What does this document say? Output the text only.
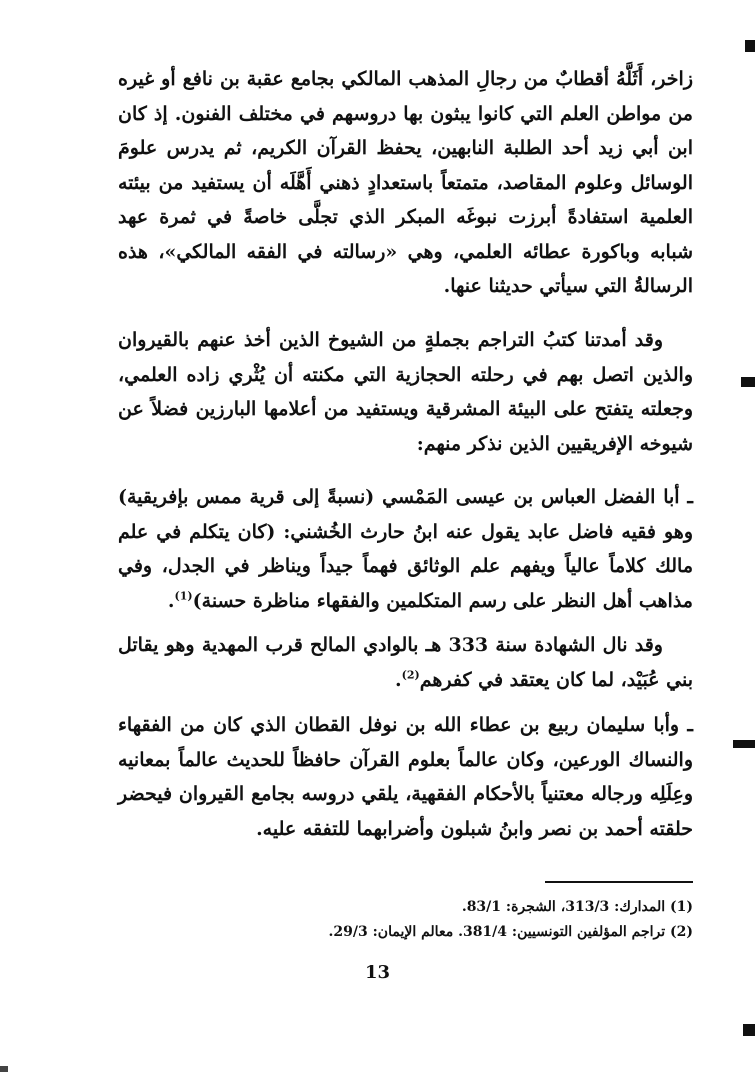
زاخر، أَثَلَّهُ أقطابٌ من رجالِ المذهب المالكي بجامع عقبة بن نافع أو غيره من مواطن العلم التي كانوا يبثون بها دروسهم في مختلف الفنون. إذ كان ابن أبي زيد أحد الطلبة النابهين، يحفظ القرآن الكريم، ثم يدرس علومَ الوسائل وعلوم المقاصد، متمتعاً باستعدادٍ ذهني أَهَّلَه أن يستفيد من بيئته العلمية استفادةً أبرزت نبوغَه المبكر الذي تجلَّى خاصةً في ثمرة عهد شبابه وباكورة عطائه العلمي، وهي «رسالته في الفقه المالكي»، هذه الرسالةُ التي سيأتي حديثنا عنها.

وقد أمدتنا كتبُ التراجم بجملةٍ من الشيوخ الذين أخذ عنهم بالقيروان والذين اتصل بهم في رحلته الحجازية التي مكنته أن يُثْري زاده العلمي، وجعلته يتفتح على البيئة المشرقية ويستفيد من أعلامها البارزين فضلاً عن شيوخه الإفريقيين الذين نذكر منهم:

ـ أبا الفضل العباس بن عيسى المَمْسي (نسبةً إلى قرية ممس بإفريقية) وهو فقيه فاضل عابد يقول عنه ابنُ حارث الخُشني: (كان يتكلم في علم مالك كلاماً عالياً ويفهم علم الوثائق فهماً جيداً ويناظر في الجدل، وفي مذاهب أهل النظر على رسم المتكلمين والفقهاء مناظرة حسنة)$^{(1)}$.

وقد نال الشهادة سنة 333 هـ بالوادي المالح قرب المهدية وهو يقاتل بني عُبَيْد، لما كان يعتقد في كفرهم$^{(2)}$.

ـ وأبا سليمان ربيع بن عطاء الله بن نوفل القطان الذي كان من الفقهاء والنساك الورعين، وكان عالماً بعلوم القرآن حافظاً للحديث عالماً بمعانيه وعِلَلِه ورجاله معتنياً بالأحكام الفقهية، يلقي دروسه بجامع القيروان فيحضر حلقته أحمد بن نصر وابنُ شبلون وأضرابهما للتفقه عليه.

(1) المدارك: 313/3، الشجرة: 83/1.
(2) تراجم المؤلفين التونسيين: 381/4. معالم الإيمان: 29/3.
13
